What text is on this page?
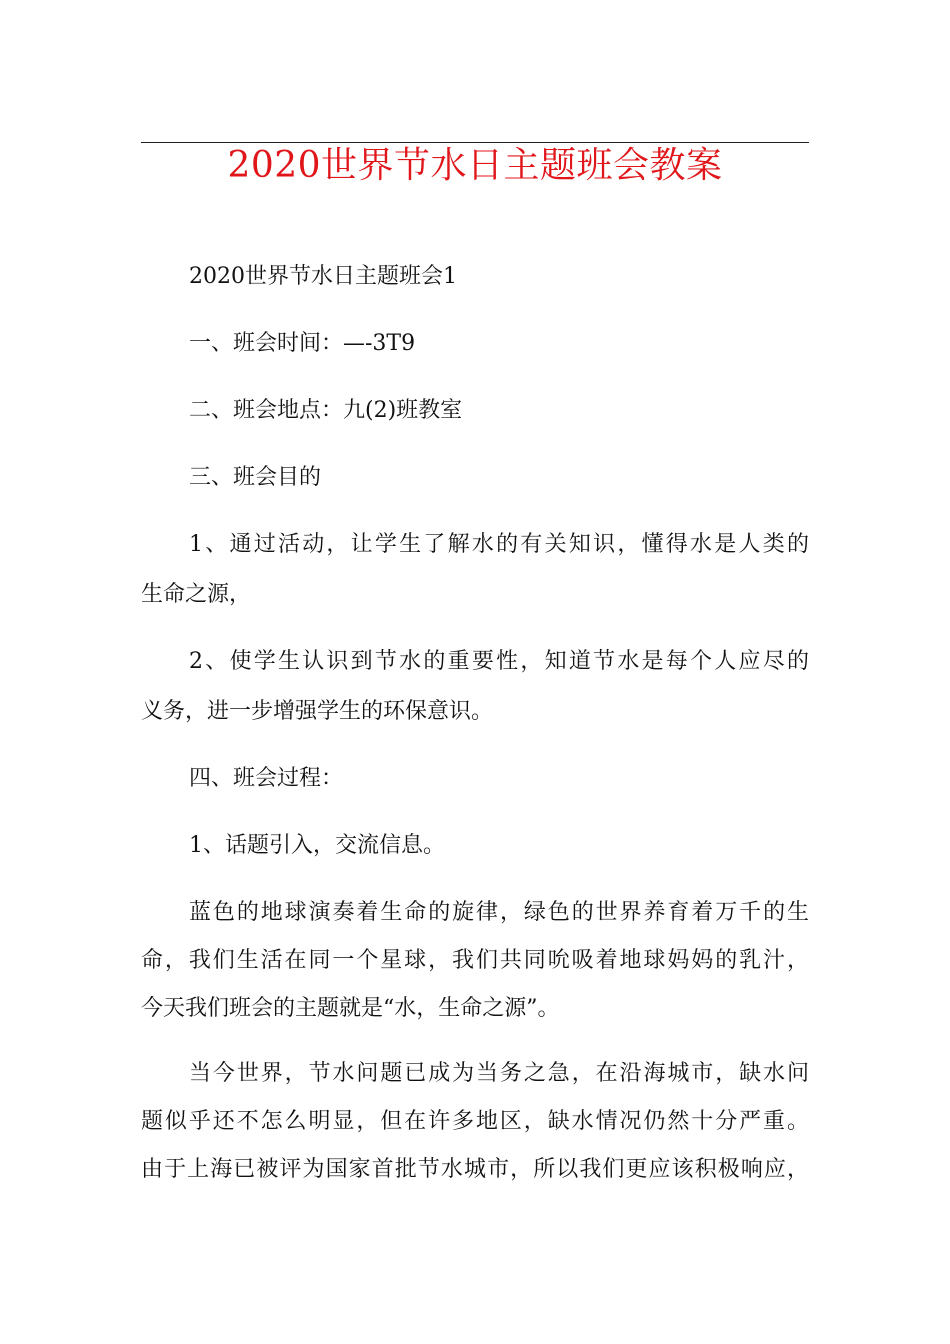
2020世界节水日主题班会教案

2020世界节水日主题班会1

一、班会时间：—-3T9

二、班会地点：九(2)班教室

三、班会目的

1、通过活动，让学生了解水的有关知识，懂得水是人类的
生命之源，
2、使学生认识到节水的重要性，知道节水是每个人应尽的
义务，进一步增强学生的环保意识。

四、班会过程：

1、话题引入，交流信息。

蓝色的地球演奏着生命的旋律，绿色的世界养育着万千的生
命，我们生活在同一个星球，我们共同吮吸着地球妈妈的乳汁，
今天我们班会的主题就是“水，生命之源”。
当今世界，节水问题已成为当务之急，在沿海城市，缺水问
题似乎还不怎么明显，但在许多地区，缺水情况仍然十分严重。
由于上海已被评为国家首批节水城市，所以我们更应该积极响应，
